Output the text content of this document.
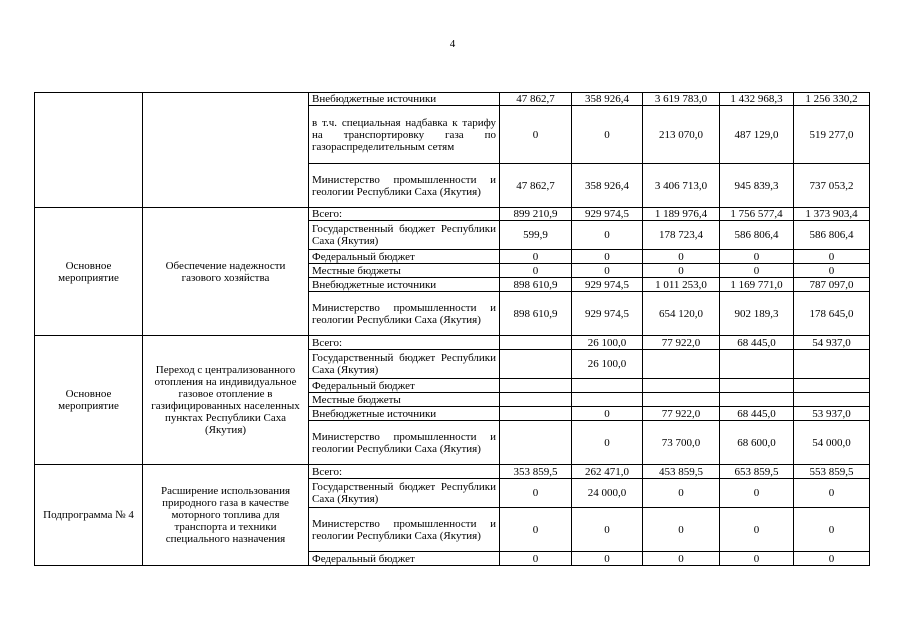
4
		Внебюджетные источники	47 862,7	358 926,4	3 619 783,0	1 432 968,3	1 256 330,2
		в т.ч. специальная надбавка к тарифу на транспортировку газа по газораспределительным сетям	0	0	213 070,0	487 129,0	519 277,0
		Министерство промышленности и геологии Республики Саха (Якутия)	47 862,7	358 926,4	3 406 713,0	945 839,3	737 053,2
Основное мероприятие	Обеспечение надежности газового хозяйства	Всего:	899 210,9	929 974,5	1 189 976,4	1 756 577,4	1 373 903,4
		Государственный бюджет Республики Саха (Якутия)	599,9	0	178 723,4	586 806,4	586 806,4
		Федеральный бюджет	0	0	0	0	0
		Местные бюджеты	0	0	0	0	0
		Внебюджетные источники	898 610,9	929 974,5	1 011 253,0	1 169 771,0	787 097,0
		Министерство промышленности и геологии Республики Саха (Якутия)	898 610,9	929 974,5	654 120,0	902 189,3	178 645,0
Основное мероприятие	Переход с централизованного отопления на индивидуальное газовое отопление в газифицированных населенных пунктах Республики Саха (Якутия)	Всего:		26 100,0	77 922,0	68 445,0	54 937,0
		Государственный бюджет Республики Саха (Якутия)		26 100,0			
		Федеральный бюджет					
		Местные бюджеты					
		Внебюджетные источники		0	77 922,0	68 445,0	53 937,0
		Министерство промышленности и геологии Республики Саха (Якутия)		0	73 700,0	68 600,0	54 000,0
Подпрограмма № 4	Расширение использования природного газа в качестве моторного топлива для транспорта и техники специального назначения	Всего:	353 859,5	262 471,0	453 859,5	653 859,5	553 859,5
		Государственный бюджет Республики Саха (Якутия)	0	24 000,0	0	0	0
		Министерство промышленности и геологии Республики Саха (Якутия)	0	0	0	0	0
		Федеральный бюджет	0	0	0	0	0
